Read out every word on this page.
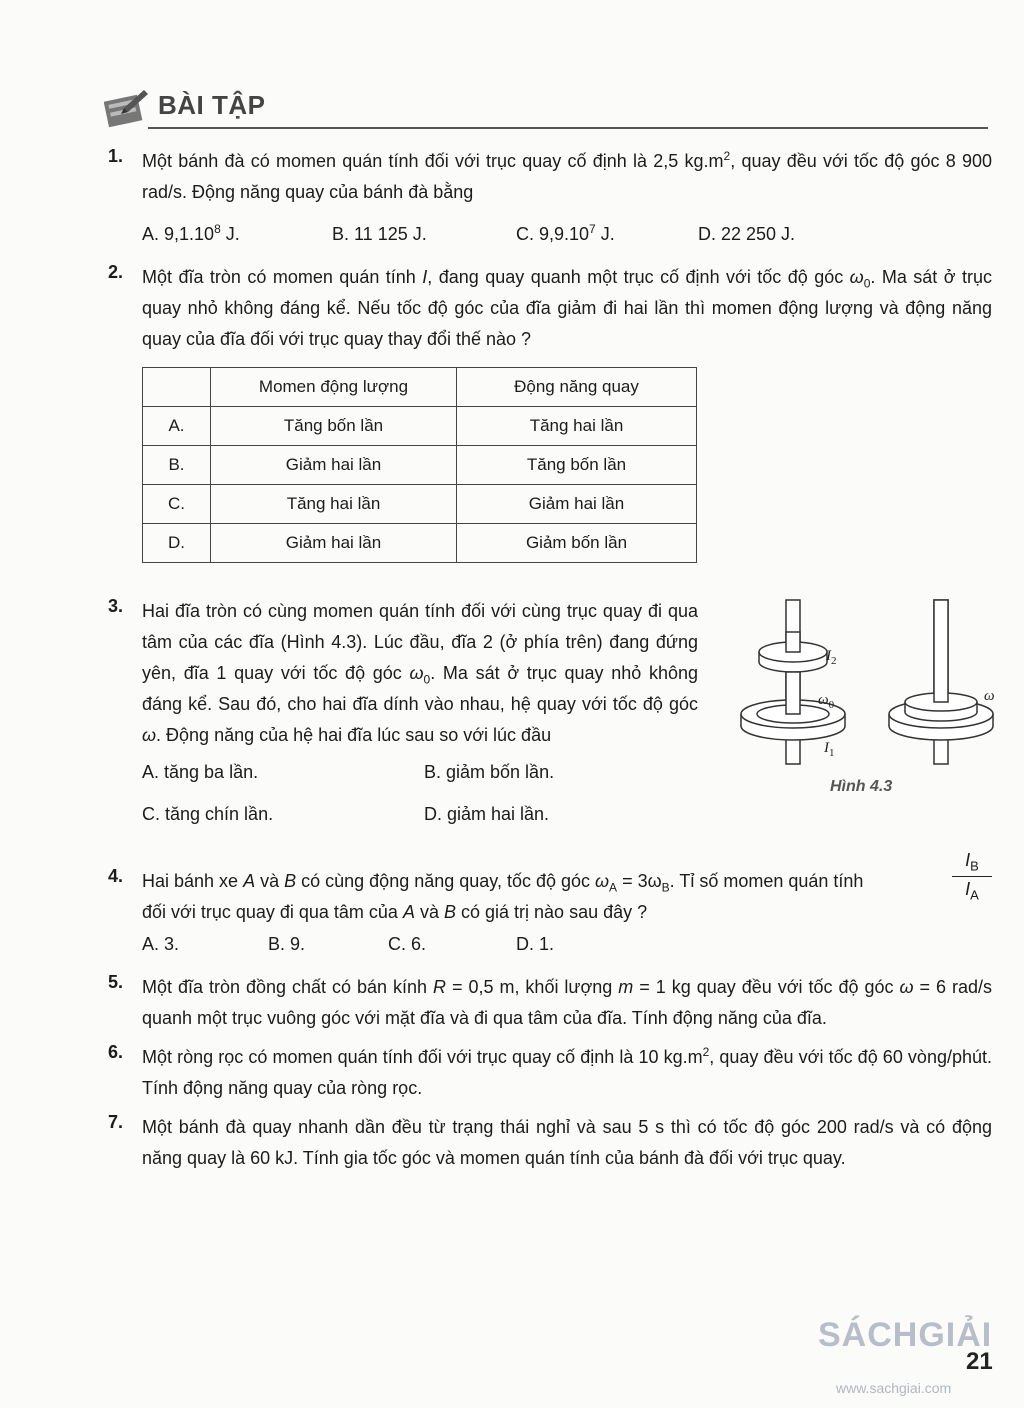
BÀI TẬP
1. Một bánh đà có momen quán tính đối với trục quay cố định là 2,5 $kg.m^2$, quay đều với tốc độ góc 8 900 rad/s. Động năng quay của bánh đà bằng
A. 9,1.10$^8$ J.	B. 11 125 J.	C. 9,9.10$^7$ J.	D. 22 250 J.
2. Một đĩa tròn có momen quán tính I, đang quay quanh một trục cố định với tốc độ góc $\omega_0$. Ma sát ở trục quay nhỏ không đáng kể. Nếu tốc độ góc của đĩa giảm đi hai lần thì momen động lượng và động năng quay của đĩa đối với trục quay thay đổi thế nào ?
	Momen động lượng	Động năng quay
A.	Tăng bốn lần	Tăng hai lần
B.	Giảm hai lần	Tăng bốn lần
C.	Tăng hai lần	Giảm hai lần
D.	Giảm hai lần	Giảm bốn lần
3. Hai đĩa tròn có cùng momen quán tính đối với cùng trục quay đi qua tâm của các đĩa (Hình 4.3). Lúc đầu, đĩa 2 (ở phía trên) đang đứng yên, đĩa 1 quay với tốc độ góc $\omega_0$. Ma sát ở trục quay nhỏ không đáng kể. Sau đó, cho hai đĩa dính vào nhau, hệ quay với tốc độ góc ω. Động năng của hệ hai đĩa lúc sau so với lúc đầu
A. tăng ba lần.	B. giảm bốn lần.
C. tăng chín lần.	D. giảm hai lần.
$I_2$
$\omega_0$
$I_1$
ω
Hình 4.3
4. Hai bánh xe A và B có cùng động năng quay, tốc độ góc $\omega_A = 3\omega_B$. Tỉ số momen quán tính
đối với trục quay đi qua tâm của A và B có giá trị nào sau đây ?
$\frac{I_B}{I_A}$
A. 3.	B. 9.	C. 6.	D. 1.
5. Một đĩa tròn đồng chất có bán kính R = 0,5 m, khối lượng m = 1 kg quay đều với tốc độ góc ω = 6 rad/s quanh một trục vuông góc với mặt đĩa và đi qua tâm của đĩa. Tính động năng của đĩa.
6. Một ròng rọc có momen quán tính đối với trục quay cố định là 10 $kg.m^2$, quay đều với tốc độ 60 vòng/phút. Tính động năng quay của ròng rọc.
7. Một bánh đà quay nhanh dần đều từ trạng thái nghỉ và sau 5 s thì có tốc độ góc 200 rad/s và có động năng quay là 60 kJ. Tính gia tốc góc và momen quán tính của bánh đà đối với trục quay.
SÁCHGIẢI
21
www.sachgiai.com
